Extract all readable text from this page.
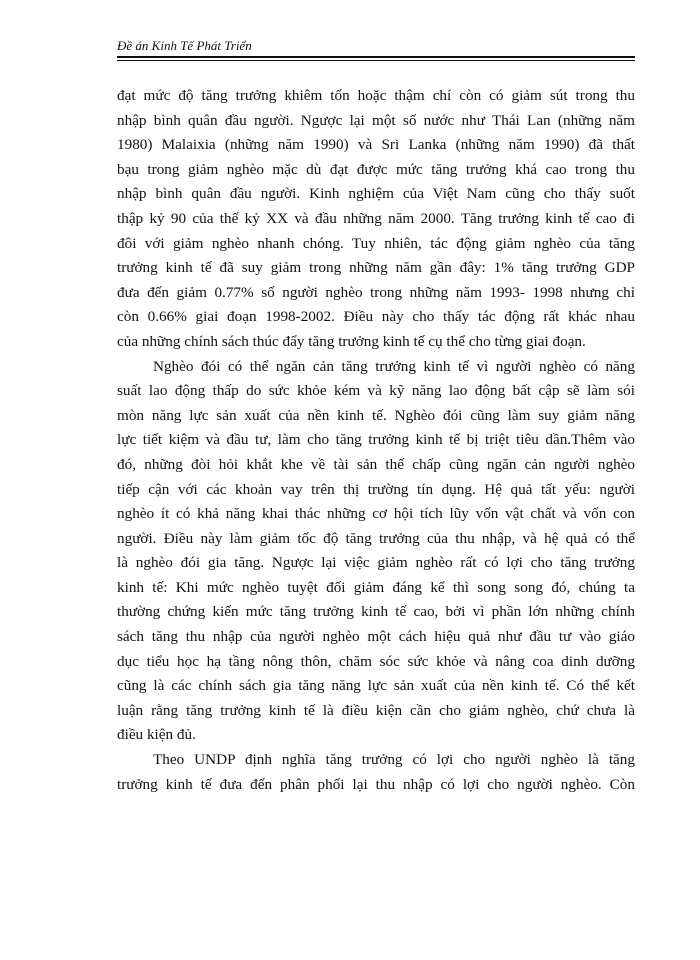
Đề án Kinh Tế Phát Triển
đạt mức độ tăng trưởng khiêm tốn hoặc thậm chí còn có giảm sút trong thu
nhập bình quân đầu người. Ngược lại một số nước như Thái Lan (những năm
1980) Malaixia (những năm 1990) và Sri Lanka (những năm 1990) đã thất
bạu trong giảm nghèo mặc dù đạt được mức tăng trưởng khá cao trong thu
nhập bình quân đầu người. Kinh nghiệm của Việt Nam cũng cho thấy suốt
thập kỷ 90 của thế kỷ XX và đầu những năm 2000. Tăng trưởng kinh tế cao đi
đôi với giảm nghèo nhanh chóng. Tuy nhiên, tác động giảm nghèo của tăng
trưởng kinh tế đã suy giảm trong những năm gần đây: 1% tăng trưởng GDP
đưa đến giảm 0.77% số người nghèo trong những năm 1993- 1998 nhưng chỉ
còn 0.66% giai đoạn 1998-2002. Điều này cho thấy tác động rất khác nhau
của những chính sách thúc đẩy tăng trưởng kinh tế cụ thể cho từng giai đoạn.
Nghèo đói có thể ngăn cản tăng trưởng kinh tế vì người nghèo có năng
suất lao động thấp do sức khỏe kém và kỹ năng lao động bất cập sẽ làm sói
mòn năng lực sản xuất của nền kinh tế. Nghèo đói cũng làm suy giảm năng
lực tiết kiệm và đầu tư, làm cho tăng trưởng kinh tế bị triệt tiêu dần.Thêm vào
đó, những đòi hỏi khắt khe về tài sản thế chấp cũng ngăn cản người nghèo
tiếp cận với các khoản vay trên thị trường tín dụng. Hệ quả tất yếu: người
nghèo ít có khả năng khai thác những cơ hội tích lũy vốn vật chất và vốn con
người. Điều này làm giảm tốc độ tăng trưởng của thu nhập, và hệ quả có thể
là nghèo đói gia tăng. Ngược lại việc giảm nghèo rất có lợi cho tăng trưởng
kinh tế: Khi mức nghèo tuyệt đối giảm đáng kể thì song song đó, chúng ta
thường chứng kiến mức tăng trưởng kinh tế cao, bởi vì phần lớn những chính
sách tăng thu nhập của người nghèo một cách hiệu quả như đầu tư vào giáo
dục tiểu học hạ tầng nông thôn, chăm sóc sức khỏe và nâng coa dinh dưỡng
cũng là các chính sách gia tăng năng lực sản xuất của nền kinh tế. Có thể kết
luận rằng tăng trưởng kinh tế là điều kiện cần cho giảm nghèo, chứ chưa là
điều kiện đủ.
Theo UNDP định nghĩa tăng trưởng có lợi cho người nghèo là tăng
trưởng kinh tế đưa đến phân phối lại thu nhập có lợi cho người nghèo. Còn
